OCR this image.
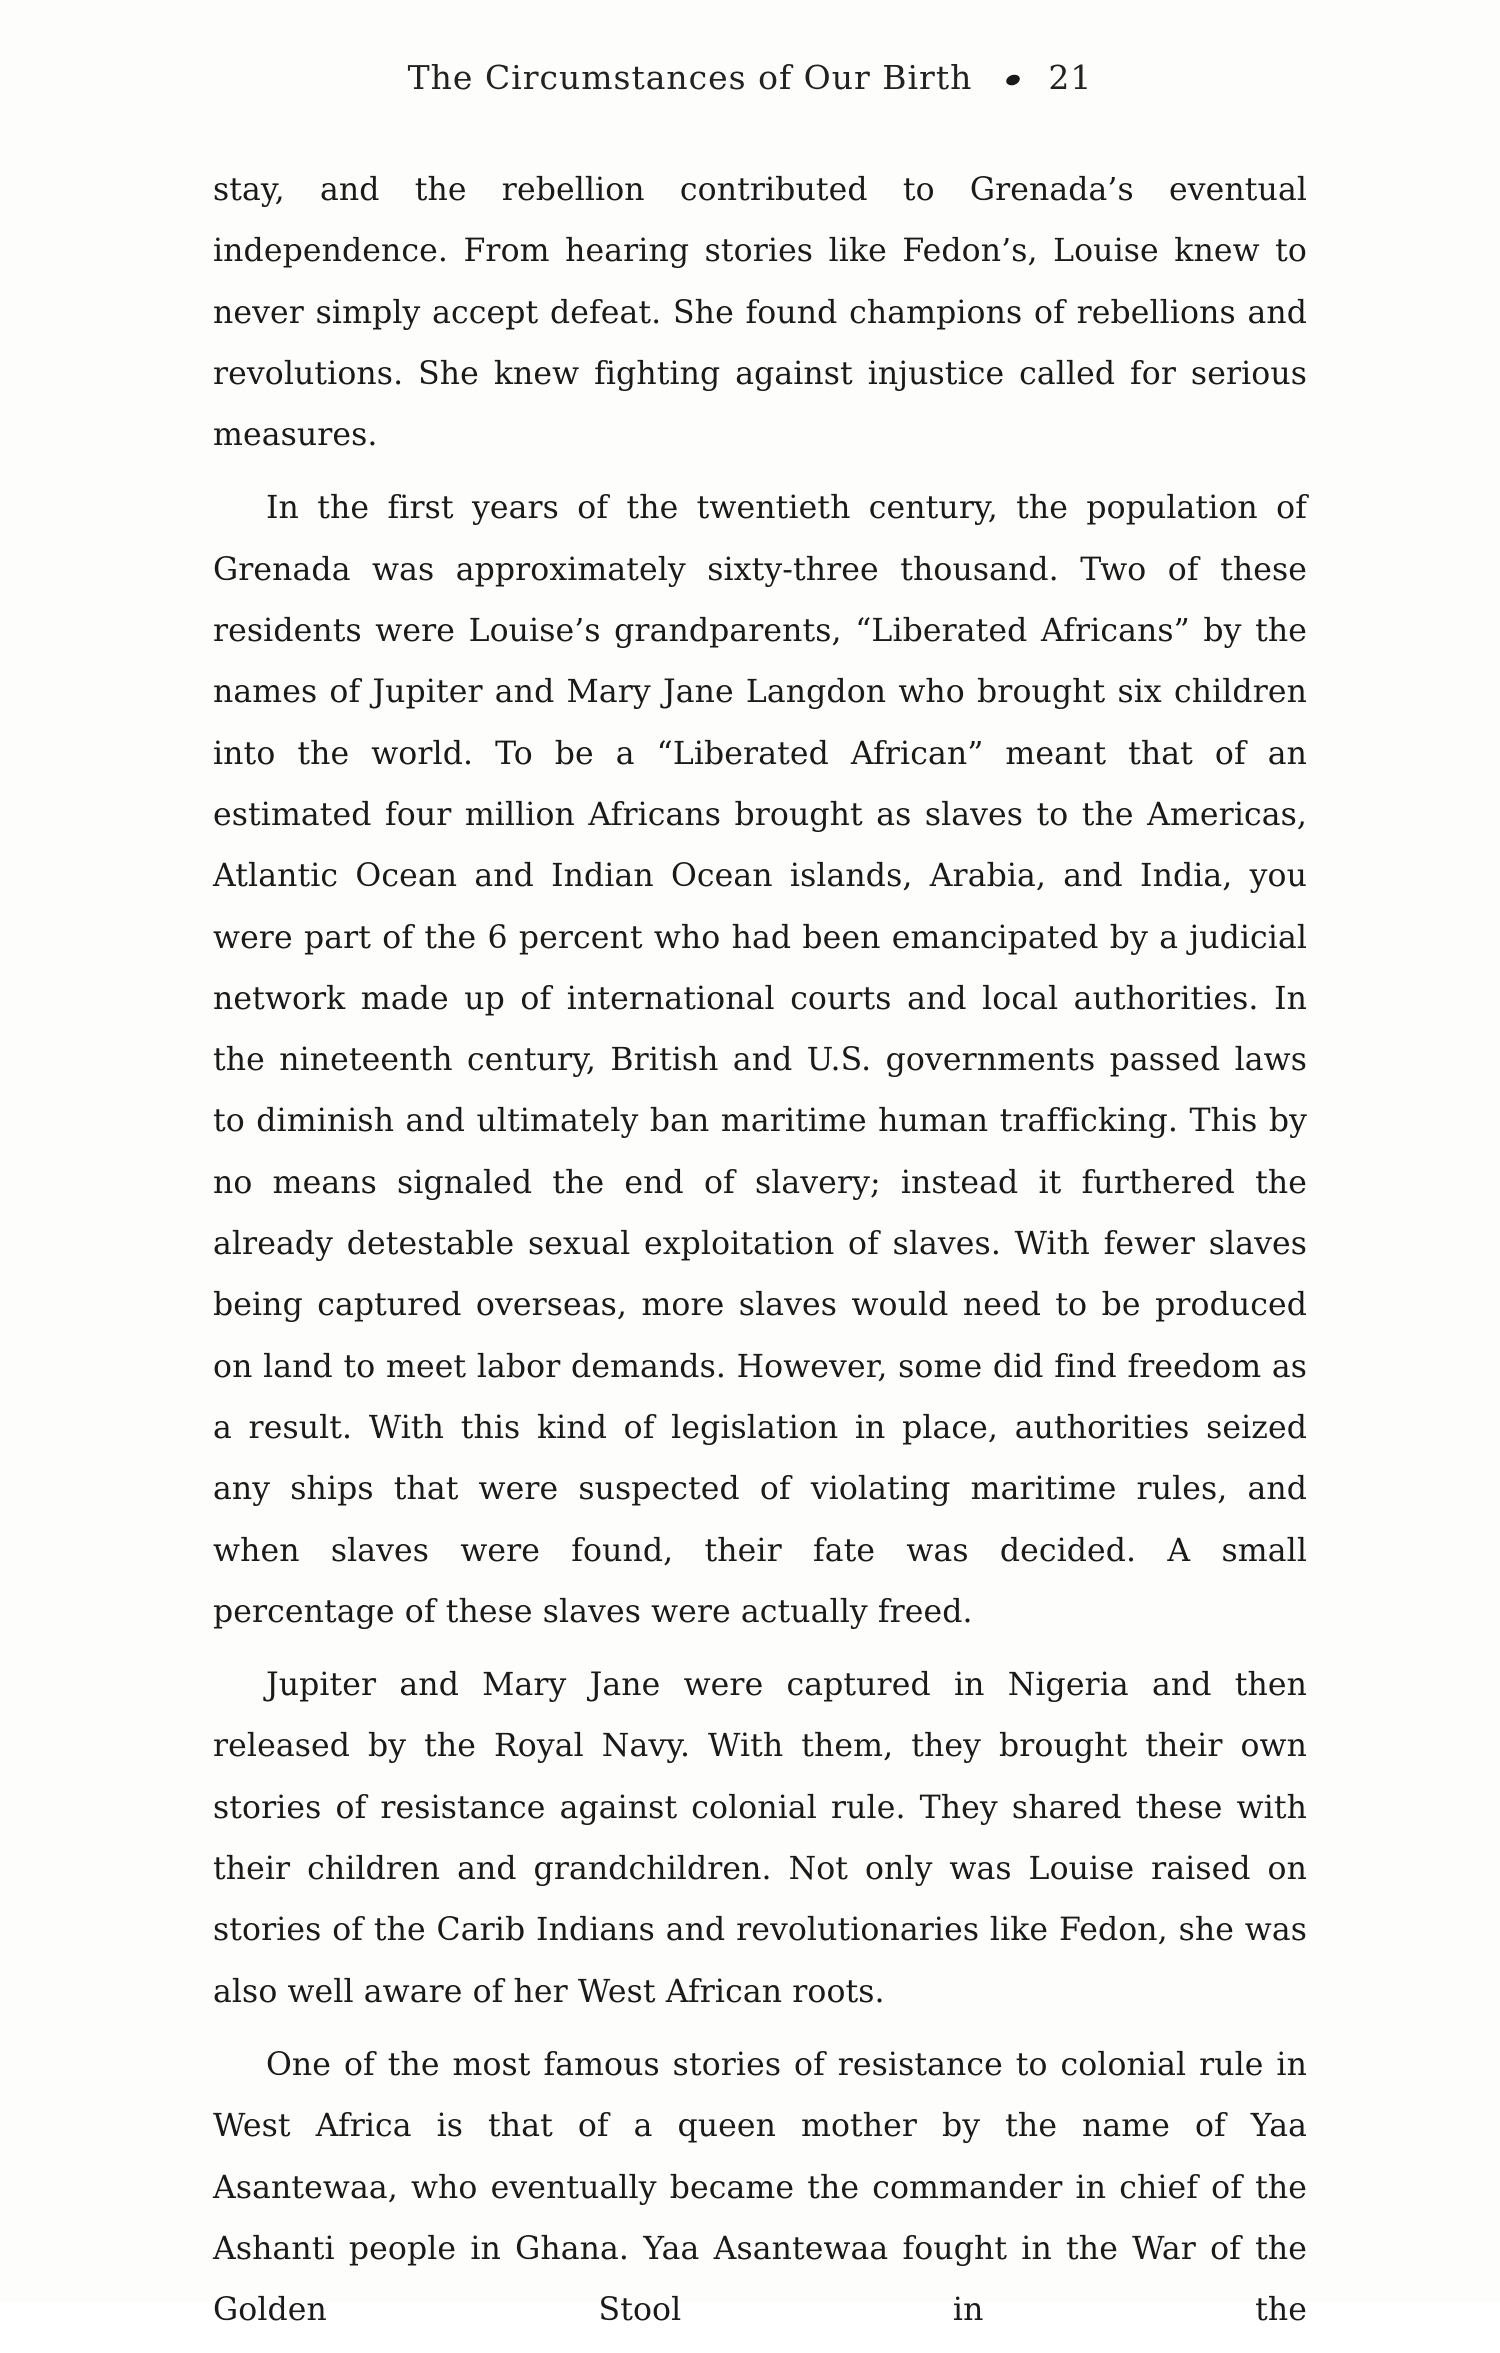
The Circumstances of Our Birth 21

stay, and the rebellion contributed to Grenada’s eventual independence. From hearing stories like Fedon’s, Louise knew to never simply accept defeat. She found champions of rebellions and revolutions. She knew fighting against injustice called for serious measures.

In the first years of the twentieth century, the population of Grenada was approximately sixty-three thousand. Two of these residents were Louise’s grandparents, “Liberated Africans” by the names of Jupiter and Mary Jane Langdon who brought six children into the world. To be a “Liberated African” meant that of an estimated four million Africans brought as slaves to the Americas, Atlantic Ocean and Indian Ocean islands, Arabia, and India, you were part of the 6 percent who had been emancipated by a judicial network made up of international courts and local authorities. In the nineteenth century, British and U.S. governments passed laws to diminish and ultimately ban maritime human trafficking. This by no means signaled the end of slavery; instead it furthered the already detestable sexual exploitation of slaves. With fewer slaves being captured overseas, more slaves would need to be produced on land to meet labor demands. However, some did find freedom as a result. With this kind of legislation in place, authorities seized any ships that were suspected of violating maritime rules, and when slaves were found, their fate was decided. A small percentage of these slaves were actually freed.

Jupiter and Mary Jane were captured in Nigeria and then released by the Royal Navy. With them, they brought their own stories of resistance against colonial rule. They shared these with their children and grandchildren. Not only was Louise raised on stories of the Carib Indians and revolutionaries like Fedon, she was also well aware of her West African roots.

One of the most famous stories of resistance to colonial rule in West Africa is that of a queen mother by the name of Yaa Asantewaa, who eventually became the commander in chief of the Ashanti people in Ghana. Yaa Asantewaa fought in the War of the Golden Stool in the
